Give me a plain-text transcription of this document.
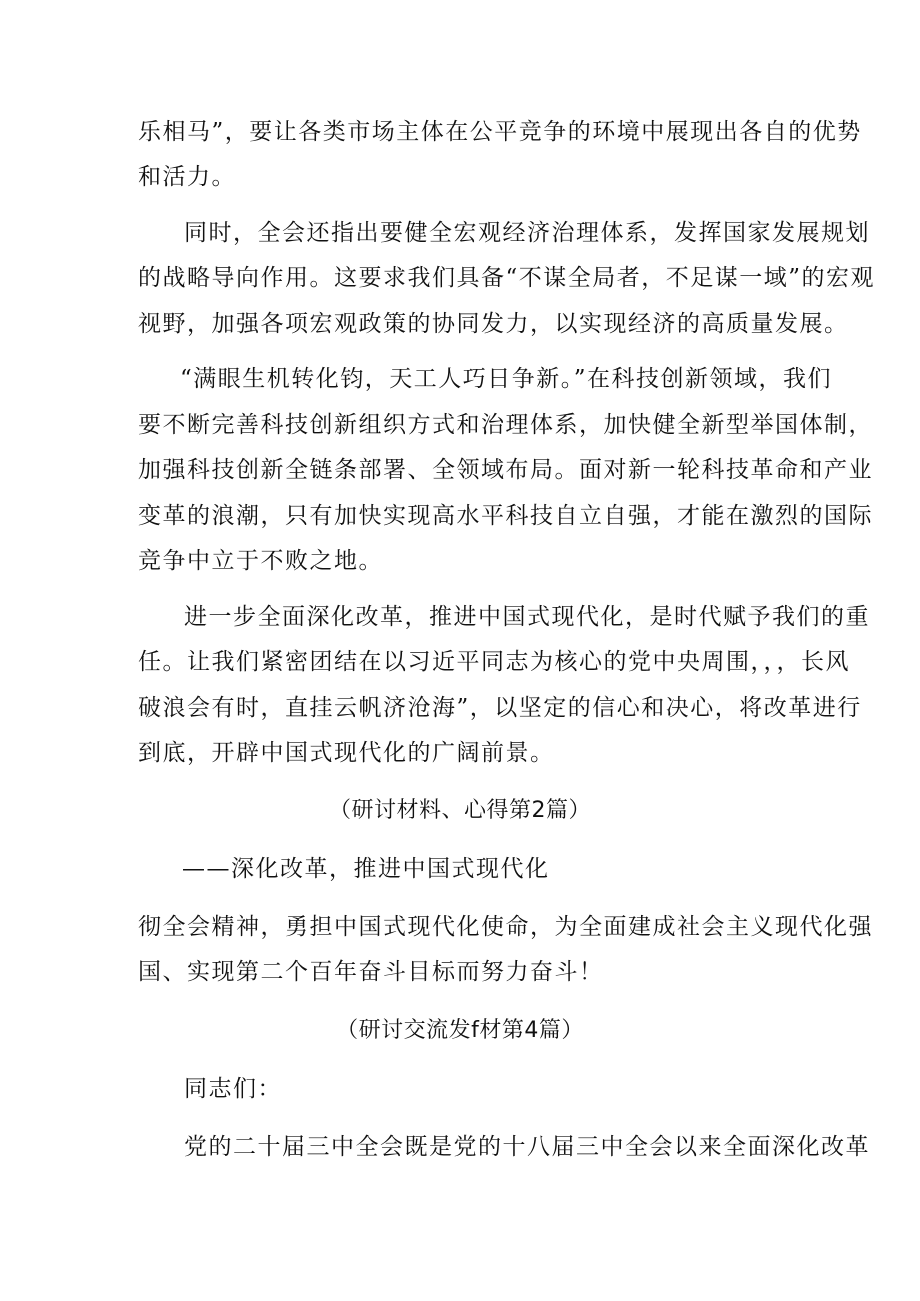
乐相马”，要让各类市场主体在公平竞争的环境中展现出各自的优势
和活力。
同时，全会还指出要健全宏观经济治理体系，发挥国家发展规划
的战略导向作用。这要求我们具备“不谋全局者，不足谋一域”的宏观
视野，加强各项宏观政策的协同发力，以实现经济的高质量发展。
“满眼生机转化钧，天工人巧日争新。”在科技创新领域，我们
要不断完善科技创新组织方式和治理体系，加快健全新型举国体制，
加强科技创新全链条部署、全领域布局。面对新一轮科技革命和产业
变革的浪潮，只有加快实现高水平科技自立自强，才能在激烈的国际
竞争中立于不败之地。
进一步全面深化改革，推进中国式现代化，是时代赋予我们的重
任。让我们紧密团结在以习近平同志为核心的党中央周围，，，长风
破浪会有时，直挂云帆济沧海”，以坚定的信心和决心，将改革进行
到底，开辟中国式现代化的广阔前景。
（研讨材料、心得第2篇）
——深化改革，推进中国式现代化
彻全会精神，勇担中国式现代化使命，为全面建成社会主义现代化强
国、实现第二个百年奋斗目标而努力奋斗！
（研讨交流发f材第4篇）
同志们：
党的二十届三中全会既是党的十八届三中全会以来全面深化改革
